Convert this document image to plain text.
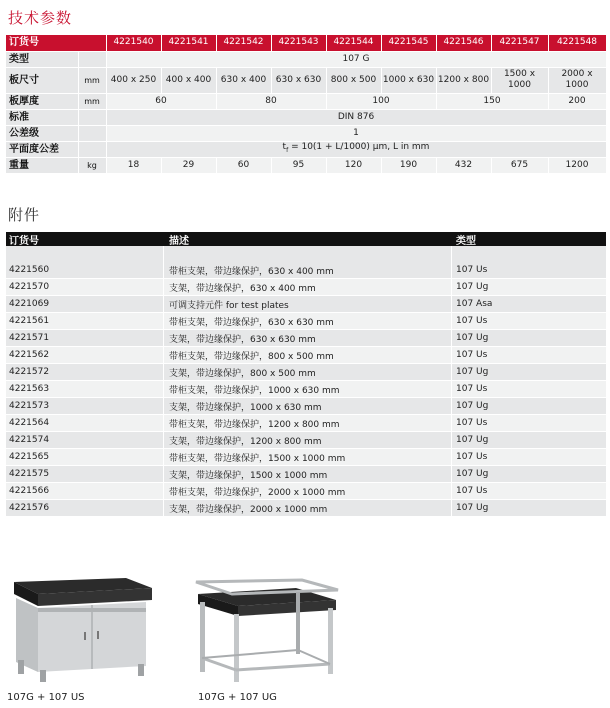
技术参数
订货号		4221540	4221541	4221542	4221543	4221544	4221545	4221546	4221547	4221548
类型		107 G								
板尺寸	mm	400 x 250	400 x 400	630 x 400	630 x 630	800 x 500	1000 x 630	1200 x 800	1500 x 1000	2000 x 1000
板厚度	mm	60		80		100		150		200
标准		DIN 876								
公差级		1								
平面度公差		$t_f = 10(1 + L/1000)$ µm, L in mm								
重量	kg	18	29	60	95	120	190	432	675	1200
附件
订货号	描述	类型
4221560	带柜支架，带边缘保护，630 x 400 mm	107 Us
4221570	支架，带边缘保护，630 x 400 mm	107 Ug
4221069	可调支持元件 for test plates	107 Asa
4221561	带柜支架，带边缘保护，630 x 630 mm	107 Us
4221571	支架，带边缘保护，630 x 630 mm	107 Ug
4221562	带柜支架，带边缘保护，800 x 500 mm	107 Us
4221572	支架，带边缘保护，800 x 500 mm	107 Ug
4221563	带柜支架，带边缘保护，1000 x 630 mm	107 Us
4221573	支架，带边缘保护，1000 x 630 mm	107 Ug
4221564	带柜支架，带边缘保护，1200 x 800 mm	107 Us
4221574	支架，带边缘保护，1200 x 800 mm	107 Ug
4221565	带柜支架，带边缘保护，1500 x 1000 mm	107 Us
4221575	支架，带边缘保护，1500 x 1000 mm	107 Ug
4221566	带柜支架，带边缘保护，2000 x 1000 mm	107 Us
4221576	支架，带边缘保护，2000 x 1000 mm	107 Ug
107G + 107 US	107G + 107 UG
